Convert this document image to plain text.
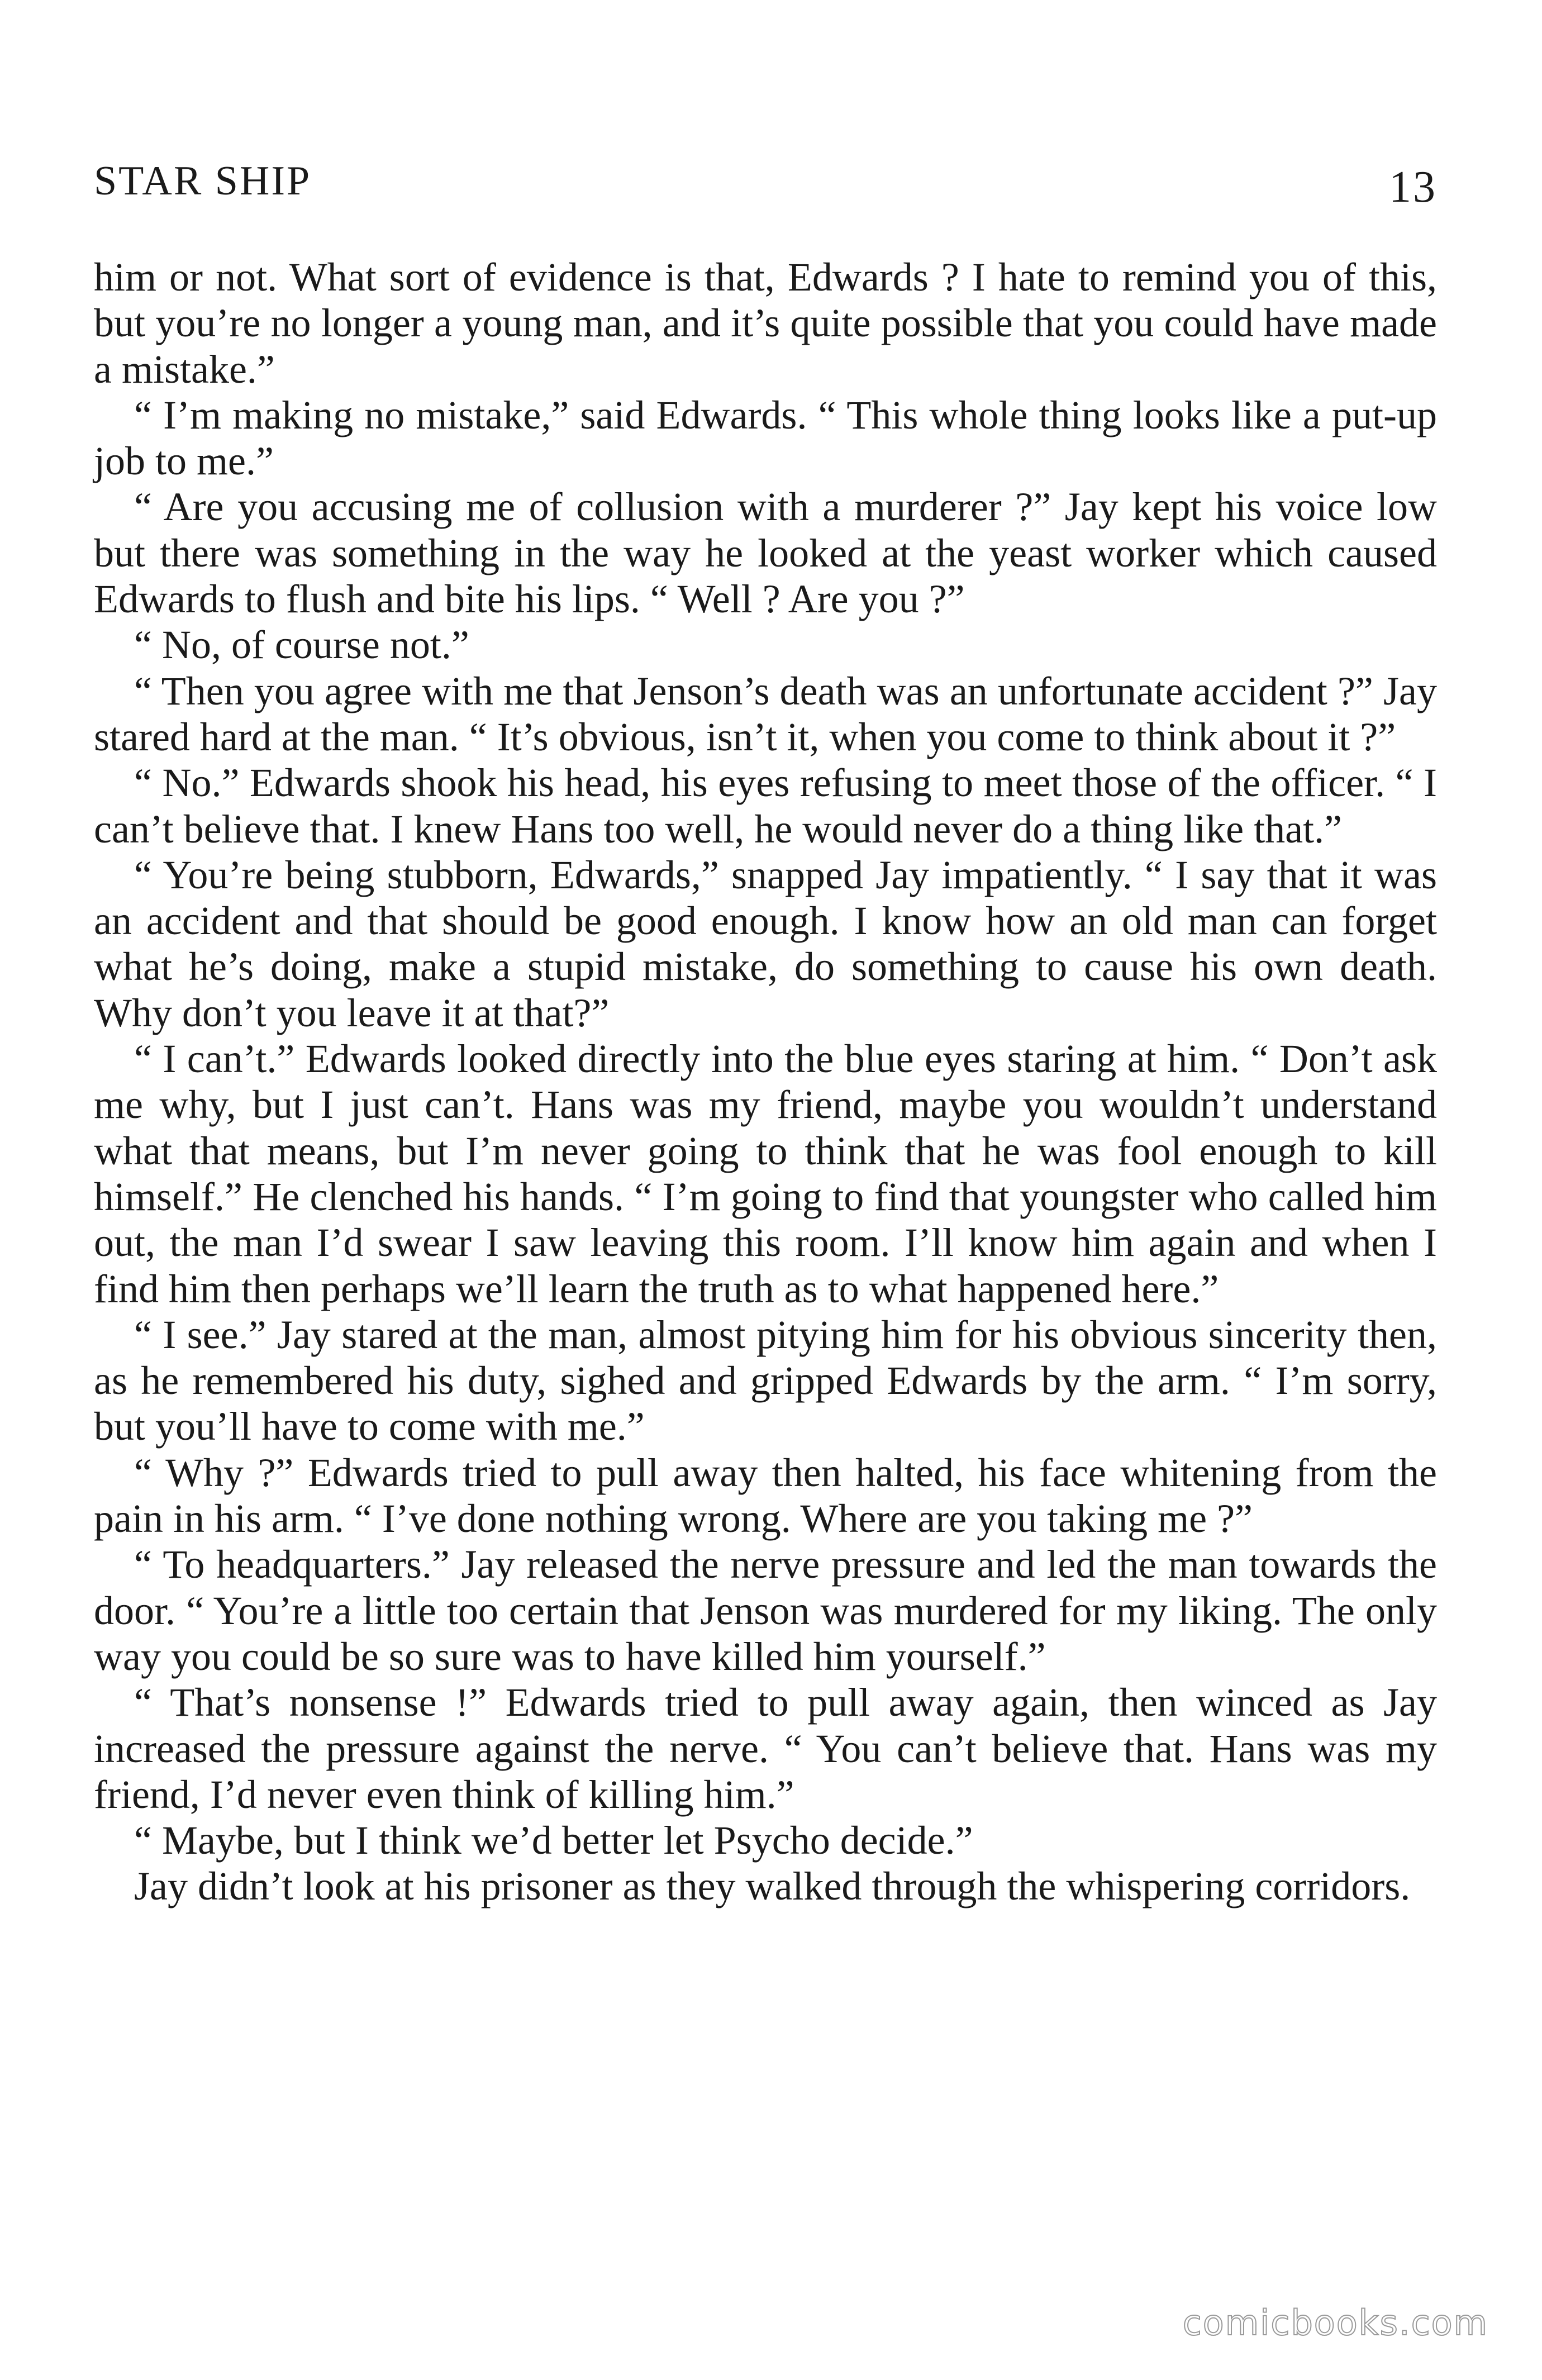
STAR SHIP	13

him or not. What sort of evidence is that, Edwards ? I hate to remind you of this, but you’re no longer a young man, and it’s quite possible that you could have made a mistake.”

“ I’m making no mistake,” said Edwards. “ This whole thing looks like a put-up job to me.”

“ Are you accusing me of collusion with a murderer ?” Jay kept his voice low but there was something in the way he looked at the yeast worker which caused Edwards to flush and bite his lips. “ Well ? Are you ?”

“ No, of course not.”

“ Then you agree with me that Jenson’s death was an unfortunate accident ?” Jay stared hard at the man. “ It’s obvious, isn’t it, when you come to think about it ?”

“ No.” Edwards shook his head, his eyes refusing to meet those of the officer. “ I can’t believe that. I knew Hans too well, he would never do a thing like that.”

“ You’re being stubborn, Edwards,” snapped Jay impatiently. “ I say that it was an accident and that should be good enough. I know how an old man can forget what he’s doing, make a stupid mistake, do something to cause his own death. Why don’t you leave it at that?”

“ I can’t.” Edwards looked directly into the blue eyes staring at him. “ Don’t ask me why, but I just can’t. Hans was my friend, maybe you wouldn’t understand what that means, but I’m never going to think that he was fool enough to kill himself.” He clenched his hands. “ I’m going to find that youngster who called him out, the man I’d swear I saw leaving this room. I’ll know him again and when I find him then perhaps we’ll learn the truth as to what happened here.”

“ I see.” Jay stared at the man, almost pitying him for his obvious sincerity then, as he remembered his duty, sighed and gripped Edwards by the arm. “ I’m sorry, but you’ll have to come with me.”

“ Why ?” Edwards tried to pull away then halted, his face whitening from the pain in his arm. “ I’ve done nothing wrong. Where are you taking me ?”

“ To headquarters.” Jay released the nerve pressure and led the man towards the door. “ You’re a little too certain that Jenson was murdered for my liking. The only way you could be so sure was to have killed him yourself.”

“ That’s nonsense !” Edwards tried to pull away again, then winced as Jay increased the pressure against the nerve. “ You can’t believe that. Hans was my friend, I’d never even think of killing him.”

“ Maybe, but I think we’d better let Psycho decide.”

Jay didn’t look at his prisoner as they walked through the whispering corridors.

comicbooks.com
